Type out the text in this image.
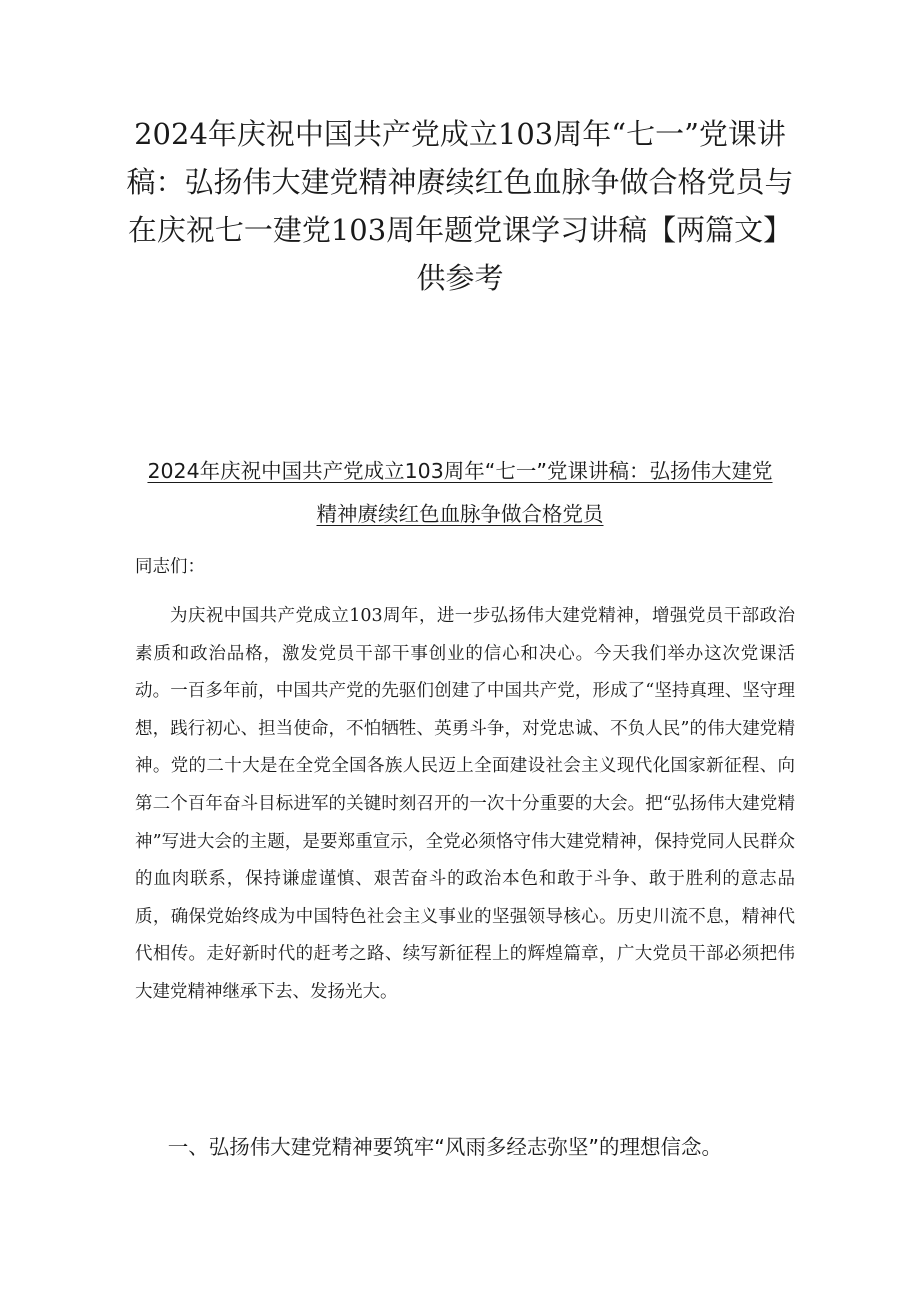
2024年庆祝中国共产党成立103周年“七一”党课讲稿：弘扬伟大建党精神赓续红色血脉争做合格党员与在庆祝七一建党103周年题党课学习讲稿【两篇文】供参考
2024年庆祝中国共产党成立103周年“七一”党课讲稿：弘扬伟大建党精神赓续红色血脉争做合格党员

同志们：

为庆祝中国共产党成立103周年，进一步弘扬伟大建党精神，增强党员干部政治素质和政治品格，激发党员干部干事创业的信心和决心。今天我们举办这次党课活动。一百多年前，中国共产党的先驱们创建了中国共产党，形成了“坚持真理、坚守理想，践行初心、担当使命，不怕牺牲、英勇斗争，对党忠诚、不负人民”的伟大建党精神。党的二十大是在全党全国各族人民迈上全面建设社会主义现代化国家新征程、向第二个百年奋斗目标进军的关键时刻召开的一次十分重要的大会。把“弘扬伟大建党精神”写进大会的主题，是要郑重宣示，全党必须恪守伟大建党精神，保持党同人民群众的血肉联系，保持谦虚谨慎、艰苦奋斗的政治本色和敢于斗争、敢于胜利的意志品质，确保党始终成为中国特色社会主义事业的坚强领导核心。历史川流不息，精神代代相传。走好新时代的赶考之路、续写新征程上的辉煌篇章，广大党员干部必须把伟大建党精神继承下去、发扬光大。

一、弘扬伟大建党精神要筑牢“风雨多经志弥坚”的理想信念。
